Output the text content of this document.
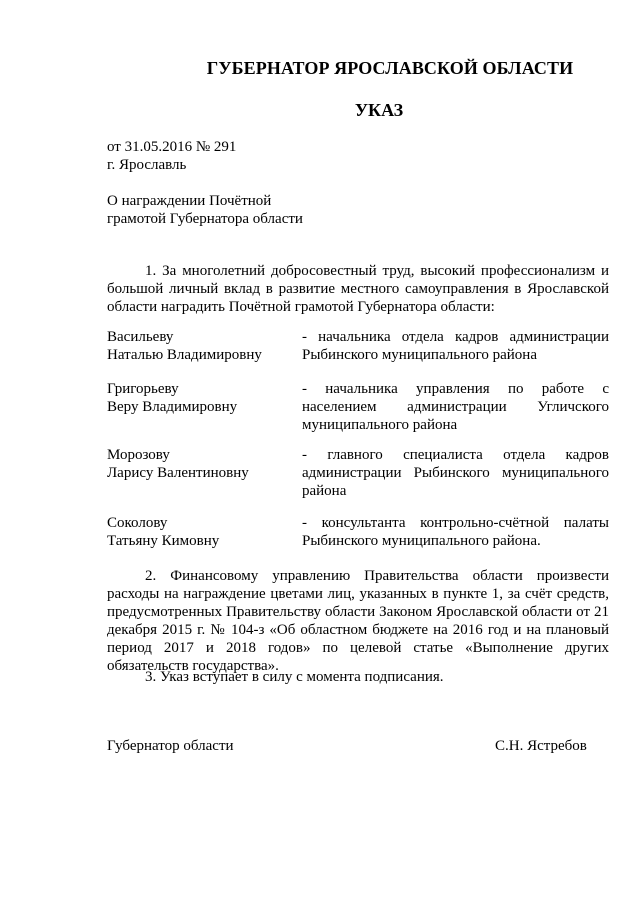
ГУБЕРНАТОР ЯРОСЛАВСКОЙ ОБЛАСТИ
УКАЗ
от 31.05.2016 № 291
г. Ярославль
О награждении Почётной
грамотой Губернатора области
1. За многолетний добросовестный труд, высокий профессионализм и большой личный вклад в развитие местного самоуправления в Ярославской области наградить Почётной грамотой Губернатора области:
Васильеву
Наталью Владимировну
- начальника отдела кадров администрации Рыбинского муниципального района
Григорьеву
Веру Владимировну
- начальника управления по работе с населением администрации Угличского муниципального района
Морозову
Ларису Валентиновну
- главного специалиста отдела кадров администрации Рыбинского муниципального района
Соколову
Татьяну Кимовну
- консультанта контрольно-счётной палаты Рыбинского муниципального района.
2. Финансовому управлению Правительства области произвести расходы на награждение цветами лиц, указанных в пункте 1, за счёт средств, предусмотренных Правительству области Законом Ярославской области от 21 декабря 2015 г. № 104-з «Об областном бюджете на 2016 год и на плановый период 2017 и 2018 годов» по целевой статье «Выполнение других обязательств государства».
3. Указ вступает в силу с момента подписания.
Губернатор области	С.Н. Ястребов
